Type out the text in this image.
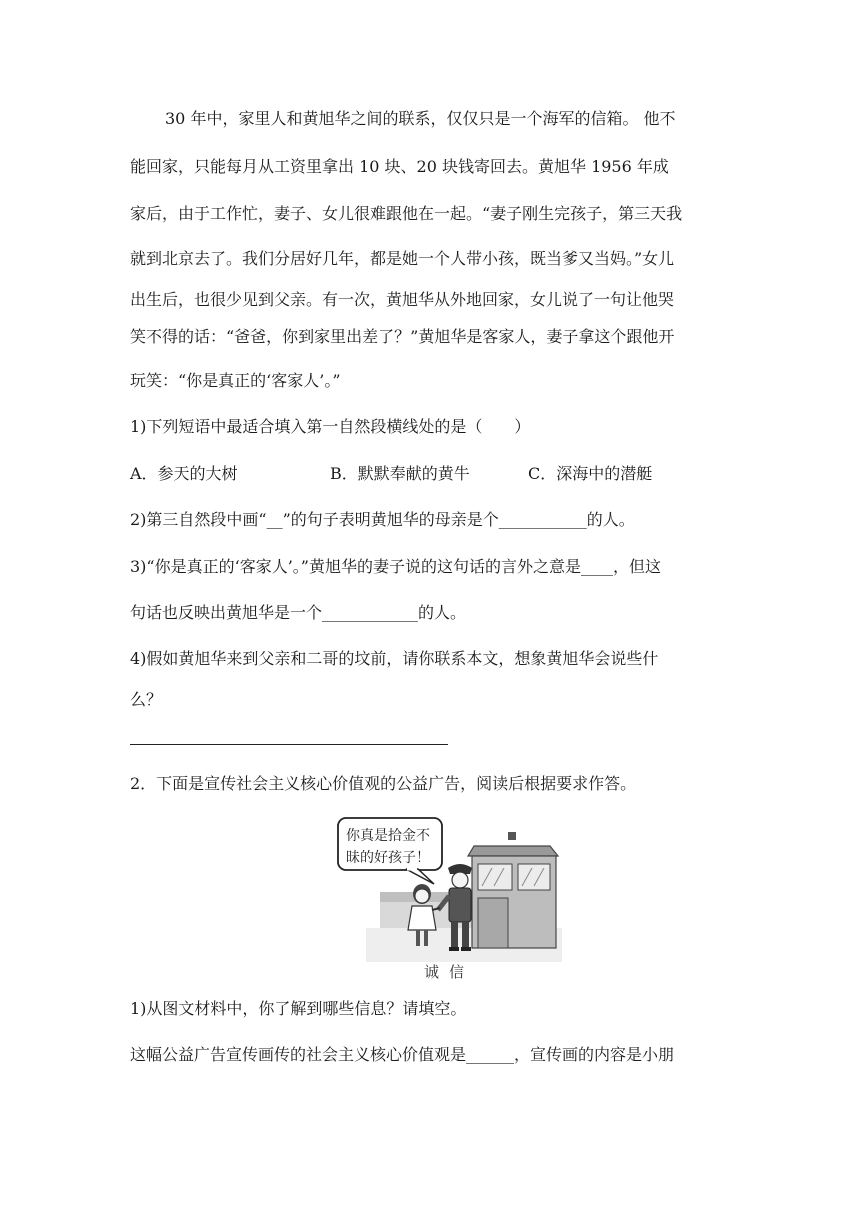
30 年中，家里人和黄旭华之间的联系，仅仅只是一个海军的信箱。 他不
能回家，只能每月从工资里拿出 10 块、20 块钱寄回去。黄旭华 1956 年成
家后，由于工作忙，妻子、女儿很难跟他在一起。“妻子刚生完孩子，第三天我
就到北京去了。我们分居好几年，都是她一个人带小孩，既当爹又当妈。”女儿
出生后，也很少见到父亲。有一次，黄旭华从外地回家，女儿说了一句让他哭
笑不得的话：“爸爸，你到家里出差了？”黄旭华是客家人，妻子拿这个跟他开
玩笑：“你是真正的‘客家人’。”
1)下列短语中最适合填入第一自然段横线处的是（　　）
A．参天的大树	B．默默奉献的黄牛	C．深海中的潜艇
2)第三自然段中画“__”的句子表明黄旭华的母亲是个___________的人。
3)“你是真正的‘客家人’。”黄旭华的妻子说的这句话的言外之意是____，但这
句话也反映出黄旭华是一个____________的人。
4)假如黄旭华来到父亲和二哥的坟前，请你联系本文，想象黄旭华会说些什
么？
2．下面是宣传社会主义核心价值观的公益广告，阅读后根据要求作答。
你真是拾金不
昧的好孩子！
诚信
1)从图文材料中，你了解到哪些信息？请填空。
这幅公益广告宣传画传的社会主义核心价值观是______，宣传画的内容是小朋
